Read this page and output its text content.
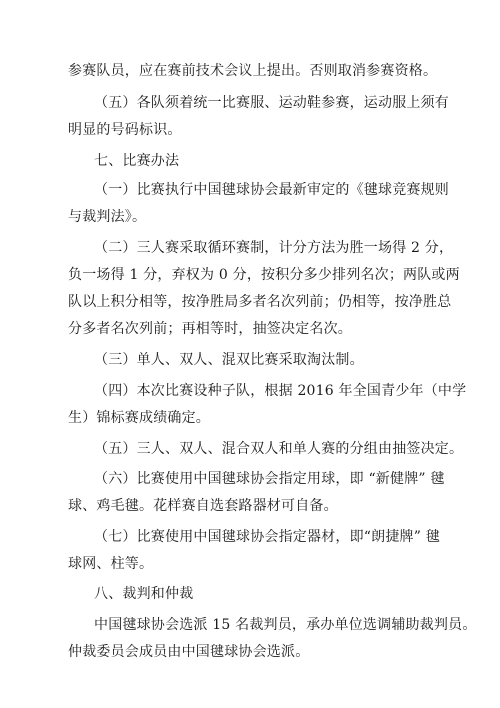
参赛队员，应在赛前技术会议上提出。否则取消参赛资格。
（五）各队须着统一比赛服、运动鞋参赛，运动服上须有
明显的号码标识。
七、比赛办法
（一）比赛执行中国毽球协会最新审定的《毽球竞赛规则
与裁判法》。
（二）三人赛采取循环赛制，计分方法为胜一场得 2 分，
负一场得 1 分，弃权为 0 分，按积分多少排列名次；两队或两
队以上积分相等，按净胜局多者名次列前；仍相等，按净胜总
分多者名次列前；再相等时，抽签决定名次。
（三）单人、双人、混双比赛采取淘汰制。
（四）本次比赛设种子队，根据 2016 年全国青少年（中学
生）锦标赛成绩确定。
（五）三人、双人、混合双人和单人赛的分组由抽签决定。
（六）比赛使用中国毽球协会指定用球，即 “新健牌” 毽
球、鸡毛毽。花样赛自选套路器材可自备。
（七）比赛使用中国毽球协会指定器材，即“朗捷牌” 毽
球网、柱等。
八、裁判和仲裁
中国毽球协会选派 15 名裁判员，承办单位选调辅助裁判员。
仲裁委员会成员由中国毽球协会选派。
